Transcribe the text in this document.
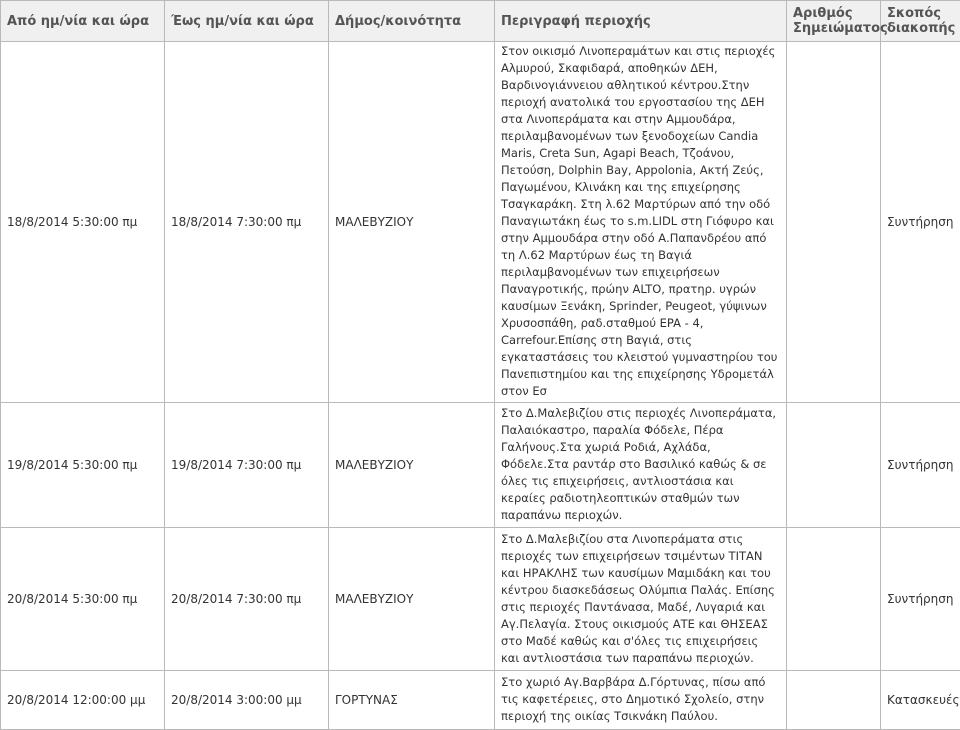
Από ημ/νία και ώρα	Έως ημ/νία και ώρα	Δήμος/κοινότητα	Περιγραφή περιοχής	Αριθμός Σημειώματος	Σκοπός διακοπής
18/8/2014 5:30:00 πμ	18/8/2014 7:30:00 πμ	ΜΑΛΕΒΥΖΙΟΥ	Στον οικισμό Λινοπεραμάτων και στις περιοχές Αλμυρού, Σκαφιδαρά, αποθηκών ΔΕΗ, Βαρδινογιάννειου αθλητικού κέντρου.Στην περιοχή ανατολικά του εργοστασίου της ΔΕΗ στα Λινοπεράματα και στην Αμμουδάρα, περιλαμβανομένων των ξενοδοχείων Candia Maris, Creta Sun, Agapi Beach, Τζοάνου, Πετούση, Dolphin Bay, Appolonia, Ακτή Ζεύς, Παγωμένου, Κλινάκη και της επιχείρησης Τσαγκαράκη. Στη λ.62 Μαρτύρων από την οδό Παναγιωτάκη έως το s.m.LIDL στη Γιόφυρο και στην Αμμουδάρα στην οδό Α.Παπανδρέου από τη Λ.62 Μαρτύρων έως τη Βαγιά περιλαμβανομένων των επιχειρήσεων Παναγροτικής, πρώην ALTO, πρατηρ. υγρών καυσίμων Ξενάκη, Sprinder, Peugeot, γύψινων Χρυσοσπάθη, ραδ.σταθμού EPA - 4, Carrefour.Επίσης στη Βαγιά, στις εγκαταστάσεις του κλειστού γυμναστηρίου του Πανεπιστημίου και της επιχείρησης Υδρομετάλ στον Εσ		Συντήρηση
19/8/2014 5:30:00 πμ	19/8/2014 7:30:00 πμ	ΜΑΛΕΒΥΖΙΟΥ	Στο Δ.Μαλεβιζίου στις περιοχές Λινοπεράματα, Παλαιόκαστρο, παραλία Φόδελε, Πέρα Γαλήνους.Στα χωριά Ροδιά, Αχλάδα, Φόδελε.Στα ραντάρ στο Βασιλικό καθώς & σε όλες τις επιχειρήσεις, αντλιοστάσια και κεραίες ραδιοτηλεοπτικών σταθμών των παραπάνω περιοχών.		Συντήρηση
20/8/2014 5:30:00 πμ	20/8/2014 7:30:00 πμ	ΜΑΛΕΒΥΖΙΟΥ	Στο Δ.Μαλεβιζίου στα Λινοπεράματα στις περιοχές των επιχειρήσεων τσιμέντων ΤΙΤΑΝ και ΗΡΑΚΛΗΣ των καυσίμων Μαμιδάκη και του κέντρου διασκεδάσεως Ολύμπια Παλάς. Επίσης στις περιοχές Παντάνασα, Μαδέ, Λυγαριά και Αγ.Πελαγία. Στους οικισμούς ΑΤΕ και ΘΗΣΕΑΣ στο Μαδέ καθώς και σ'όλες τις επιχειρήσεις και αντλιοστάσια των παραπάνω περιοχών.		Συντήρηση
20/8/2014 12:00:00 μμ	20/8/2014 3:00:00 μμ	ΓΟΡΤΥΝΑΣ	Στο χωριό Αγ.Βαρβάρα Δ.Γόρτυνας, πίσω από τις καφετέρειες, στο Δημοτικό Σχολείο, στην περιοχή της οικίας Τσικνάκη Παύλου.		Κατασκευές
